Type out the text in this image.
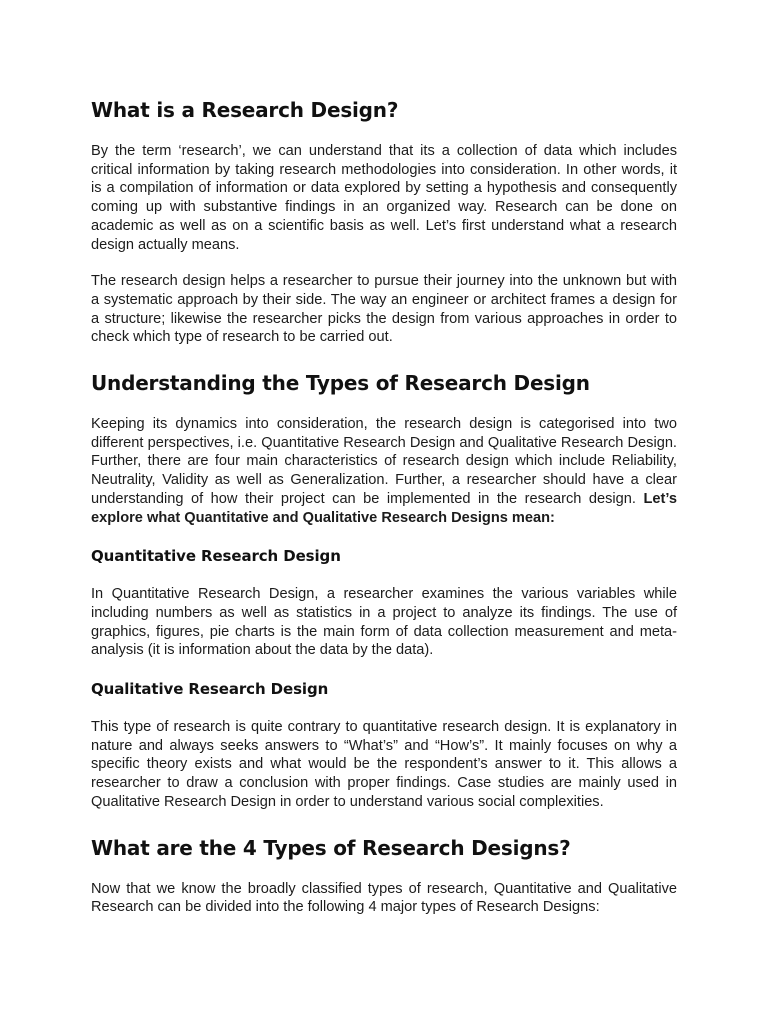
What is a Research Design?

By the term ‘research’, we can understand that its a collection of data which includes critical information by taking research methodologies into consideration. In other words, it is a compilation of information or data explored by setting a hypothesis and consequently coming up with substantive findings in an organized way. Research can be done on academic as well as on a scientific basis as well. Let’s first understand what a research design actually means.

The research design helps a researcher to pursue their journey into the unknown but with a systematic approach by their side. The way an engineer or architect frames a design for a structure; likewise the researcher picks the design from various approaches in order to check which type of research to be carried out.

Understanding the Types of Research Design

Keeping its dynamics into consideration, the research design is categorised into two different perspectives, i.e. Quantitative Research Design and Qualitative Research Design. Further, there are four main characteristics of research design which include Reliability, Neutrality, Validity as well as Generalization. Further, a researcher should have a clear understanding of how their project can be implemented in the research design. Let’s explore what Quantitative and Qualitative Research Designs mean:

Quantitative Research Design

In Quantitative Research Design, a researcher examines the various variables while including numbers as well as statistics in a project to analyze its findings. The use of graphics, figures, pie charts is the main form of data collection measurement and meta-analysis (it is information about the data by the data).

Qualitative Research Design

This type of research is quite contrary to quantitative research design. It is explanatory in nature and always seeks answers to “What’s” and “How’s”. It mainly focuses on why a specific theory exists and what would be the respondent’s answer to it. This allows a researcher to draw a conclusion with proper findings. Case studies are mainly used in Qualitative Research Design in order to understand various social complexities.

What are the 4 Types of Research Designs?

Now that we know the broadly classified types of research, Quantitative and Qualitative Research can be divided into the following 4 major types of Research Designs:
